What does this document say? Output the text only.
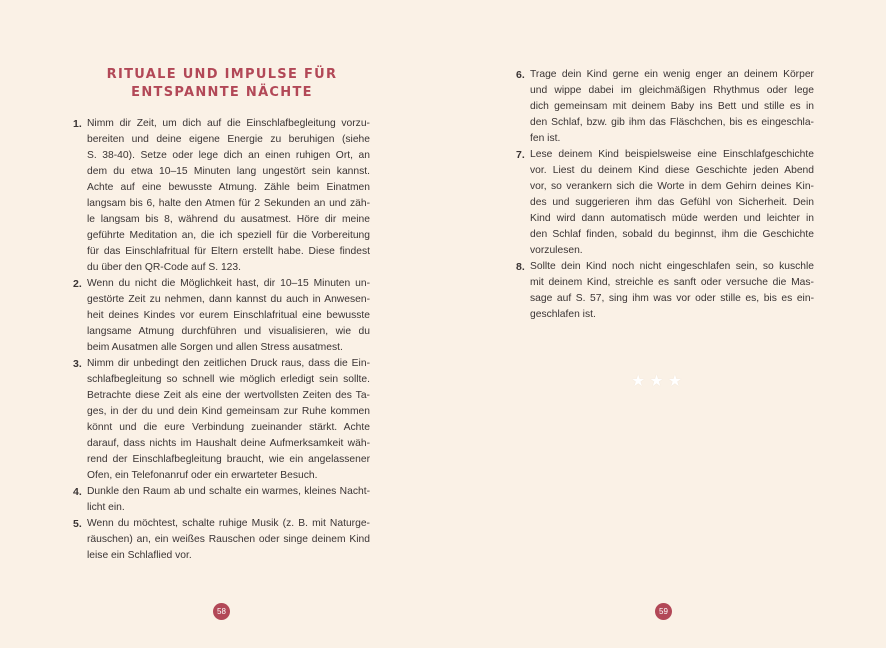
RITUALE UND IMPULSE FÜR
ENTSPANNTE NÄCHTE
1. Nimm dir Zeit, um dich auf die Einschlafbegleitung vorzu-
bereiten und deine eigene Energie zu beruhigen (siehe
S. 38-40). Setze oder lege dich an einen ruhigen Ort, an
dem du etwa 10–15 Minuten lang ungestört sein kannst.
Achte auf eine bewusste Atmung. Zähle beim Einatmen
langsam bis 6, halte den Atmen für 2 Sekunden an und zäh-
le langsam bis 8, während du ausatmest. Höre dir meine
geführte Meditation an, die ich speziell für die Vorbereitung
für das Einschlafritual für Eltern erstellt habe. Diese findest
du über den QR-Code auf S. 123.
2. Wenn du nicht die Möglichkeit hast, dir 10–15 Minuten un-
gestörte Zeit zu nehmen, dann kannst du auch in Anwesen-
heit deines Kindes vor eurem Einschlafritual eine bewusste
langsame Atmung durchführen und visualisieren, wie du
beim Ausatmen alle Sorgen und allen Stress ausatmest.
3. Nimm dir unbedingt den zeitlichen Druck raus, dass die Ein-
schlafbegleitung so schnell wie möglich erledigt sein sollte.
Betrachte diese Zeit als eine der wertvollsten Zeiten des Ta-
ges, in der du und dein Kind gemeinsam zur Ruhe kommen
könnt und die eure Verbindung zueinander stärkt. Achte
darauf, dass nichts im Haushalt deine Aufmerksamkeit wäh-
rend der Einschlafbegleitung braucht, wie ein angelassener
Ofen, ein Telefonanruf oder ein erwarteter Besuch.
4. Dunkle den Raum ab und schalte ein warmes, kleines Nacht-
licht ein.
5. Wenn du möchtest, schalte ruhige Musik (z. B. mit Naturge-
räuschen) an, ein weißes Rauschen oder singe deinem Kind
leise ein Schlaflied vor.
58
6. Trage dein Kind gerne ein wenig enger an deinem Körper
und wippe dabei im gleichmäßigen Rhythmus oder lege
dich gemeinsam mit deinem Baby ins Bett und stille es in
den Schlaf, bzw. gib ihm das Fläschchen, bis es eingeschla-
fen ist.
7. Lese deinem Kind beispielsweise eine Einschlafgeschichte
vor. Liest du deinem Kind diese Geschichte jeden Abend
vor, so verankern sich die Worte in dem Gehirn deines Kin-
des und suggerieren ihm das Gefühl von Sicherheit. Dein
Kind wird dann automatisch müde werden und leichter in
den Schlaf finden, sobald du beginnst, ihm die Geschichte
vorzulesen.
8. Sollte dein Kind noch nicht eingeschlafen sein, so kuschle
mit deinem Kind, streichle es sanft oder versuche die Mas-
sage auf S. 57, sing ihm was vor oder stille es, bis es ein-
geschlafen ist.
★★★
59
